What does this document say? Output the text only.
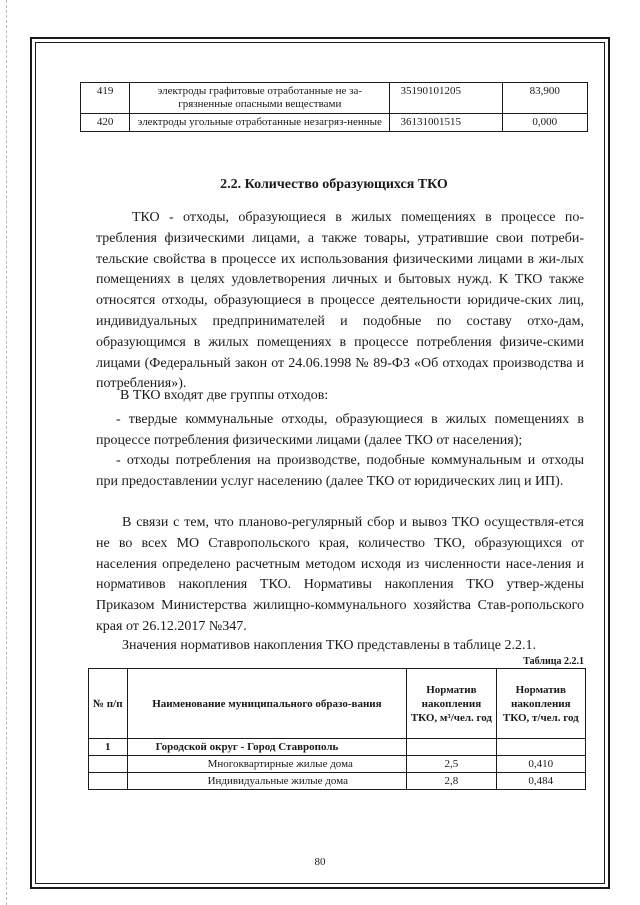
419	электроды графитовые отработанные не за-грязненные опасными веществами	35190101205	83,900
420	электроды угольные отработанные незагряз-ненные	36131001515	0,000
2.2. Количество образующихся ТКО

ТКО - отходы, образующиеся в жилых помещениях в процессе по-требления физическими лицами, а также товары, утратившие свои потреби-тельские свойства в процессе их использования физическими лицами в жи-лых помещениях в целях удовлетворения личных и бытовых нужд. К ТКО также относятся отходы, образующиеся в процессе деятельности юридиче-ских лиц, индивидуальных предпринимателей и подобные по составу отхо-дам, образующимся в жилых помещениях в процессе потребления физиче-скими лицами (Федеральный закон от 24.06.1998 № 89-ФЗ «Об отходах производства и потребления»).

В ТКО входят две группы отходов:

- твердые коммунальные отходы, образующиеся в жилых помещениях в процессе потребления физическими лицами (далее ТКО от населения);

- отходы потребления на производстве, подобные коммунальным и отходы при предоставлении услуг населению (далее ТКО от юридических лиц и ИП).

В связи с тем, что планово-регулярный сбор и вывоз ТКО осуществля-ется не во всех МО Ставропольского края, количество ТКО, образующихся от населения определено расчетным методом исходя из численности насе-ления и нормативов накопления ТКО. Нормативы накопления ТКО утвер-ждены Приказом Министерства жилищно-коммунального хозяйства Став-ропольского края от 26.12.2017 №347.

Значения нормативов накопления ТКО представлены в таблице 2.2.1.

Таблица 2.2.1
№ п/п	Наименование муниципального образо-вания	Норматив накопления ТКО, м³/чел. год	Норматив накопления ТКО, т/чел. год
1	Городской округ - Город Ставрополь		
	Многоквартирные жилые дома	2,5	0,410
	Индивидуальные жилые дома	2,8	0,484
80
